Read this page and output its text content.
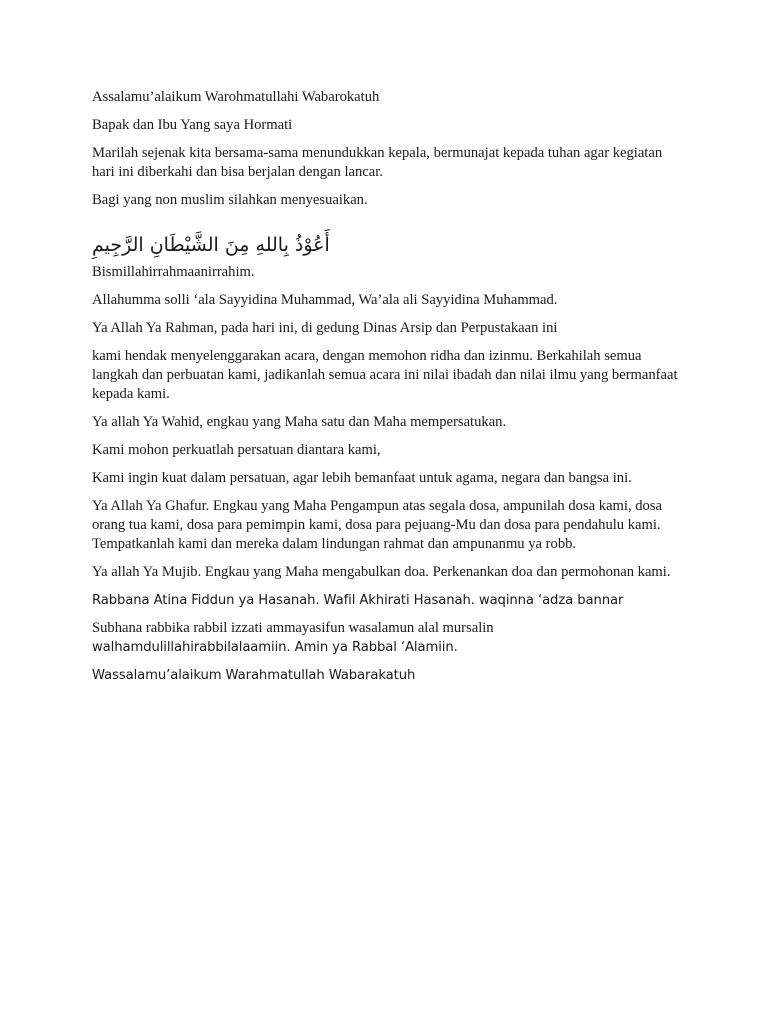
Assalamu’alaikum Warohmatullahi Wabarokatuh

Bapak dan Ibu Yang saya Hormati

Marilah sejenak kita bersama-sama menundukkan kepala, bermunajat kepada tuhan agar kegiatan hari ini diberkahi dan bisa berjalan dengan lancar.

Bagi yang non muslim silahkan menyesuaikan.

أَعُوْذُ بِاللهِ مِنَ الشَّيْطَانِ الرَّجِيمِ

Bismillahirrahmaanirrahim.

Allahumma solli ‘ala Sayyidina Muhammad, Wa’ala ali Sayyidina Muhammad.

Ya Allah Ya Rahman, pada hari ini, di gedung Dinas Arsip dan Perpustakaan ini

kami hendak menyelenggarakan acara, dengan memohon ridha dan izinmu. Berkahilah semua langkah dan perbuatan kami, jadikanlah semua acara ini nilai ibadah dan nilai ilmu yang bermanfaat kepada kami.

Ya allah Ya Wahid, engkau yang Maha satu dan Maha mempersatukan.

Kami mohon perkuatlah persatuan diantara kami,

Kami ingin kuat dalam persatuan, agar lebih bemanfaat untuk agama, negara dan bangsa ini.

Ya Allah Ya Ghafur. Engkau yang Maha Pengampun atas segala dosa, ampunilah dosa kami, dosa orang tua kami, dosa para pemimpin kami, dosa para pejuang-Mu dan dosa para pendahulu kami. Tempatkanlah kami dan mereka dalam lindungan rahmat dan ampunanmu ya robb.

Ya allah Ya Mujib. Engkau yang Maha mengabulkan doa. Perkenankan doa dan permohonan kami.

Rabbana Atina Fiddun ya Hasanah. Wafil Akhirati Hasanah. waqinna ‘adza bannar

Subhana rabbika rabbil izzati ammayasifun wasalamun alal mursalin

walhamdulillahirabbilalaamiin. Amin ya Rabbal ‘Alamiin.

Wassalamu’alaikum Warahmatullah Wabarakatuh
